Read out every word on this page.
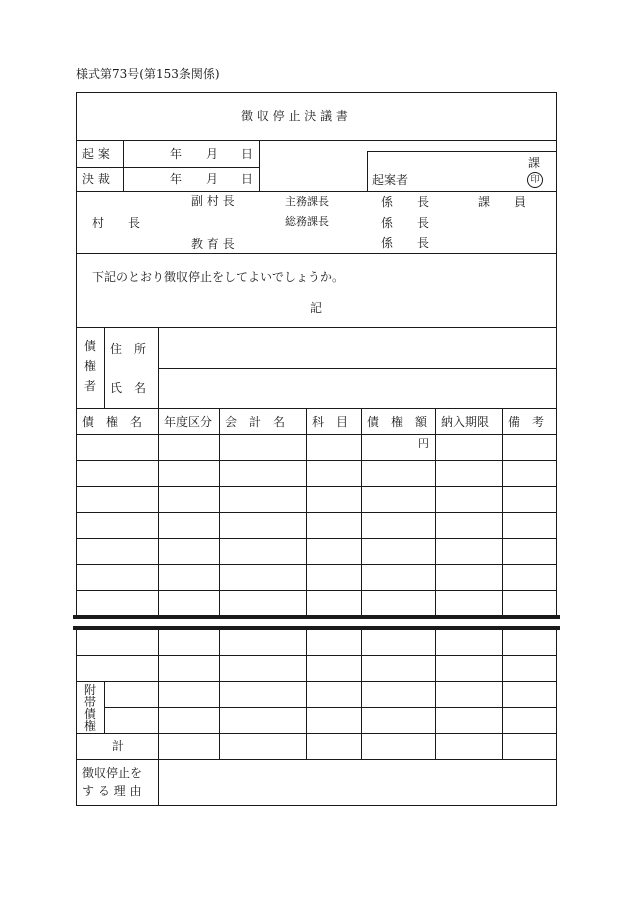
様式第73号(第153条関係)
徴 収 停 止 決 議 書
起 案
決 裁
年 月 日
年 月 日
課
印
起案者
副 村 長
村　　長
教 育 長
主務課長
総務課長
係　　長
係　　長
係　　長
課　　員
下記のとおり徴収停止をしてよいでしょうか。
記
債
権
者
住　所
氏　名
債　権　名 年度区分 会　計　名 科　目 債　権　額 納入期限 備　考
円
附
帯
債
権
計
徴収停止を
す る 理 由
